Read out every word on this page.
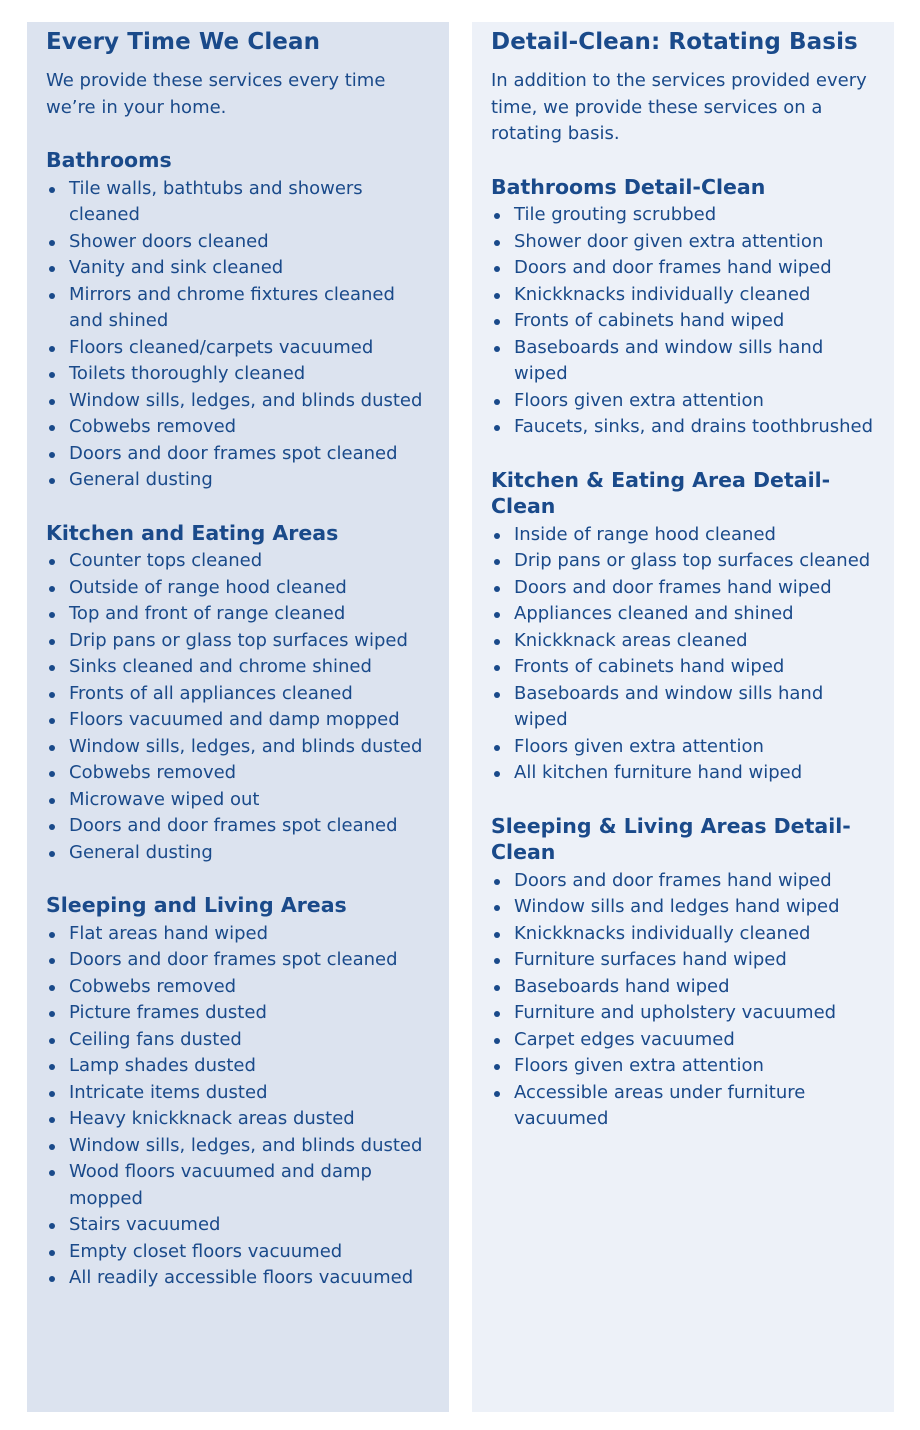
Every Time We Clean

We provide these services every time we’re in your home.

Bathrooms
Tile walls, bathtubs and showers cleaned
Shower doors cleaned
Vanity and sink cleaned
Mirrors and chrome fixtures cleaned and shined
Floors cleaned/carpets vacuumed
Toilets thoroughly cleaned
Window sills, ledges, and blinds dusted
Cobwebs removed
Doors and door frames spot cleaned
General dusting
Kitchen and Eating Areas
Counter tops cleaned
Outside of range hood cleaned
Top and front of range cleaned
Drip pans or glass top surfaces wiped
Sinks cleaned and chrome shined
Fronts of all appliances cleaned
Floors vacuumed and damp mopped
Window sills, ledges, and blinds dusted
Cobwebs removed
Microwave wiped out
Doors and door frames spot cleaned
General dusting
Sleeping and Living Areas
Flat areas hand wiped
Doors and door frames spot cleaned
Cobwebs removed
Picture frames dusted
Ceiling fans dusted
Lamp shades dusted
Intricate items dusted
Heavy knickknack areas dusted
Window sills, ledges, and blinds dusted
Wood floors vacuumed and damp mopped
Stairs vacuumed
Empty closet floors vacuumed
All readily accessible floors vacuumed
Detail-Clean: Rotating Basis

In addition to the services provided every time, we provide these services on a rotating basis.

Bathrooms Detail-Clean
Tile grouting scrubbed
Shower door given extra attention
Doors and door frames hand wiped
Knickknacks individually cleaned
Fronts of cabinets hand wiped
Baseboards and window sills hand wiped
Floors given extra attention
Faucets, sinks, and drains toothbrushed
Kitchen & Eating Area Detail-Clean
Inside of range hood cleaned
Drip pans or glass top surfaces cleaned
Doors and door frames hand wiped
Appliances cleaned and shined
Knickknack areas cleaned
Fronts of cabinets hand wiped
Baseboards and window sills hand wiped
Floors given extra attention
All kitchen furniture hand wiped
Sleeping & Living Areas Detail-Clean
Doors and door frames hand wiped
Window sills and ledges hand wiped
Knickknacks individually cleaned
Furniture surfaces hand wiped
Baseboards hand wiped
Furniture and upholstery vacuumed
Carpet edges vacuumed
Floors given extra attention
Accessible areas under furniture vacuumed
